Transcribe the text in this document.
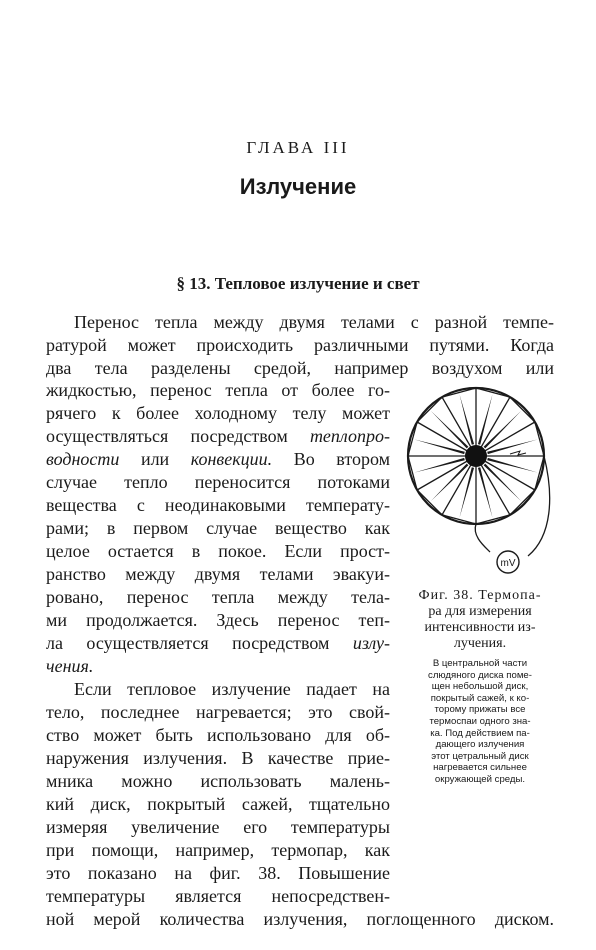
ГЛАВА III
Излучение
§ 13. Тепловое излучение и свет
Перенос тепла между двумя телами с разной темпе-
ратурой может происходить различными путями. Когда
два тела разделены средой, например воздухом или
жидкостью, перенос тепла от более го-
рячего к более холодному телу может
осуществляться посредством теплопро-
водности или конвекции. Во втором
случае тепло переносится потоками
вещества с неодинаковыми температу-
рами; в первом случае вещество как
целое остается в покое. Если прост-
ранство между двумя телами эвакуи-
ровано, перенос тепла между тела-
ми продолжается. Здесь перенос теп-
ла осуществляется посредством излу-
чения.
Если тепловое излучение падает на
тело, последнее нагревается; это свой-
ство может быть использовано для об-
наружения излучения. В качестве прие-
мника можно использовать малень-
кий диск, покрытый сажей, тщательно
измеряя увеличение его температуры
при помощи, например, термопар, как
это показано на фиг. 38. Повышение
температуры является непосредствен-
ной мерой количества излучения, поглощенного диском.
mV
Фиг. 38. Термопа-
ра для измерения
интенсивности из-
лучения.
В центральной части
слюдяного диска поме-
щен небольшой диск,
покрытый сажей, к ко-
торому прижаты все
термоспаи одного зна-
ка. Под действием па-
дающего излучения
этот цетральный диск
нагревается сильнее
окружающей среды.
